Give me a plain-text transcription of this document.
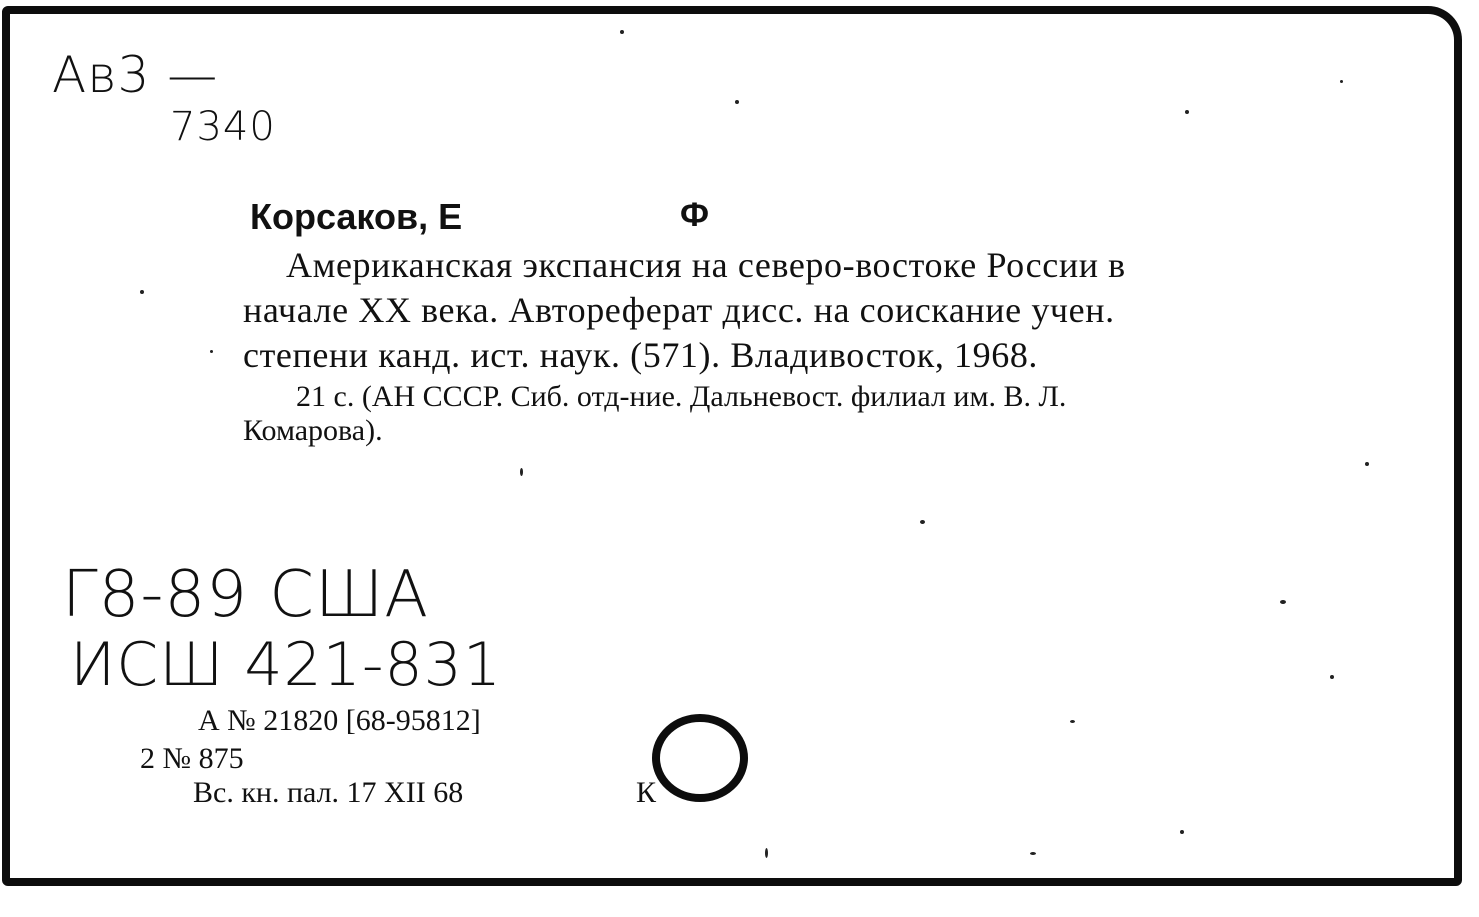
Ав3 —
7340
Корсаков, Е	Ф
Американская экспансия на северо-востоке России в
начале XX века. Автореферат дисс. на соискание учен.
степени канд. ист. наук. (571). Владивосток, 1968.
21 с. (АН СССР. Сиб. отд-ние. Дальневост. филиал им. В. Л.
Комарова).
Г8-89 США
ИСШ 421-831
А № 21820 [68-95812]
2 № 875
Вс. кн. пал. 17 XII 68	К
